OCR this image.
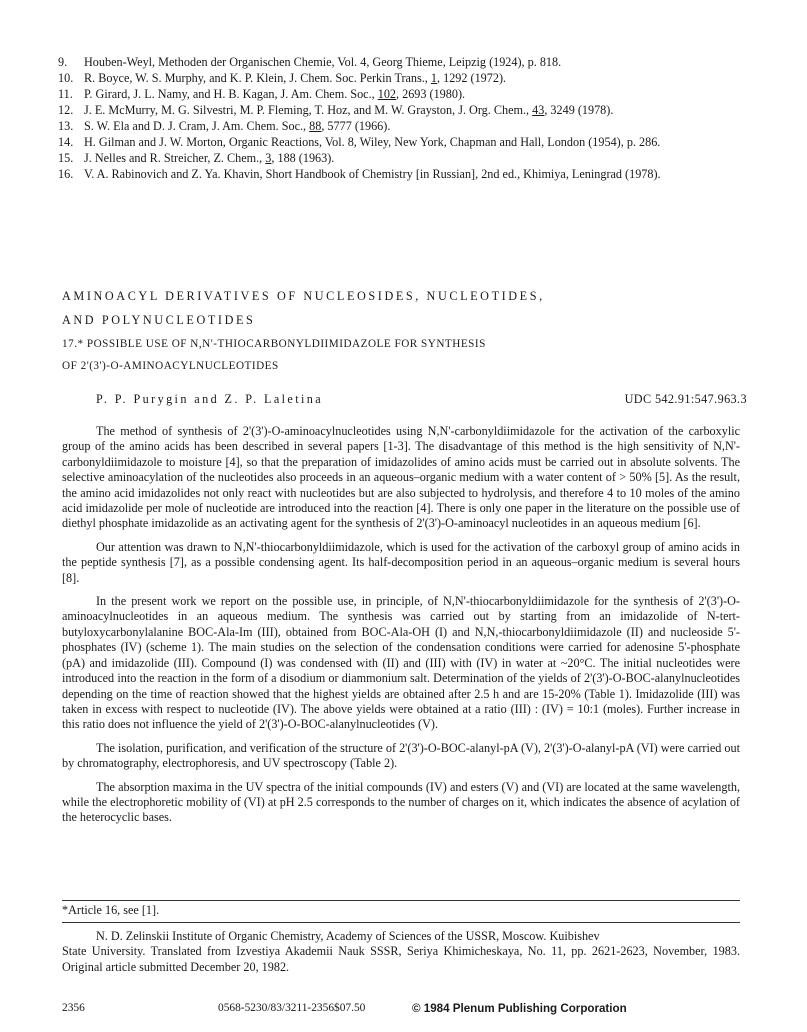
9.	Houben-Weyl, Methoden der Organischen Chemie, Vol. 4, Georg Thieme, Leipzig (1924), p. 818.
10. R. Boyce, W. S. Murphy, and K. P. Klein, J. Chem. Soc. Perkin Trans., 1, 1292 (1972).
11. P. Girard, J. L. Namy, and H. B. Kagan, J. Am. Chem. Soc., 102, 2693 (1980).
12. J. E. McMurry, M. G. Silvestri, M. P. Fleming, T. Hoz, and M. W. Grayston, J. Org. Chem., 43, 3249 (1978).
13. S. W. Ela and D. J. Cram, J. Am. Chem. Soc., 88, 5777 (1966).
14. H. Gilman and J. W. Morton, Organic Reactions, Vol. 8, Wiley, New York, Chapman and Hall, London (1954), p. 286.
15. J. Nelles and R. Streicher, Z. Chem., 3, 188 (1963).
16. V. A. Rabinovich and Z. Ya. Khavin, Short Handbook of Chemistry [in Russian], 2nd ed., Khimiya, Leningrad (1978).
AMINOACYL DERIVATIVES OF NUCLEOSIDES, NUCLEOTIDES,
AND POLYNUCLEOTIDES
17.* POSSIBLE USE OF N,N'-THIOCARBONYLDIIMIDAZOLE FOR SYNTHESIS
OF 2'(3')-O-AMINOACYLNUCLEOTIDES
P. P. Purygin and Z. P. Laletina	UDC 542.91:547.963.3

The method of synthesis of 2'(3')-O-aminoacylnucleotides using N,N'-carbonyldiimidazole for the activation of the carboxylic group of the amino acids has been described in several papers [1-3]. The disadvantage of this method is the high sensitivity of N,N'-carbonyldiimidazole to moisture [4], so that the preparation of imidazolides of amino acids must be carried out in absolute solvents. The selective aminoacylation of the nucleotides also proceeds in an aqueous–organic medium with a water content of > 50% [5]. As the result, the amino acid imidazolides not only react with nucleotides but are also subjected to hydrolysis, and therefore 4 to 10 moles of the amino acid imidazolide per mole of nucleotide are introduced into the reaction [4]. There is only one paper in the literature on the possible use of diethyl phosphate imidazolide as an activating agent for the synthesis of 2'(3')-O-aminoacyl nucleotides in an aqueous medium [6].

Our attention was drawn to N,N'-thiocarbonyldiimidazole, which is used for the activation of the carboxyl group of amino acids in the peptide synthesis [7], as a possible condensing agent. Its half-decomposition period in an aqueous–organic medium is several hours [8].

In the present work we report on the possible use, in principle, of N,N'-thiocarbonyldiimidazole for the synthesis of 2'(3')-O-aminoacylnucleotides in an aqueous medium. The synthesis was carried out by starting from an imidazolide of N-tert-butyloxycarbonylalanine BOC-Ala-Im (III), obtained from BOC-Ala-OH (I) and N,N,-thiocarbonyldiimidazole (II) and nucleoside 5'-phosphates (IV) (scheme 1). The main studies on the selection of the condensation conditions were carried for adenosine 5'-phosphate (pA) and imidazolide (III). Compound (I) was condensed with (II) and (III) with (IV) in water at ~20°C. The initial nucleotides were introduced into the reaction in the form of a disodium or diammonium salt. Determination of the yields of 2'(3')-O-BOC-alanylnucleotides depending on the time of reaction showed that the highest yields are obtained after 2.5 h and are 15-20% (Table 1). Imidazolide (III) was taken in excess with respect to nucleotide (IV). The above yields were obtained at a ratio (III) : (IV) = 10:1 (moles). Further increase in this ratio does not influence the yield of 2'(3')-O-BOC-alanylnucleotides (V).

The isolation, purification, and verification of the structure of 2'(3')-O-BOC-alanyl-pA (V), 2'(3')-O-alanyl-pA (VI) were carried out by chromatography, electrophoresis, and UV spectroscopy (Table 2).

The absorption maxima in the UV spectra of the initial compounds (IV) and esters (V) and (VI) are located at the same wavelength, while the electrophoretic mobility of (VI) at pH 2.5 corresponds to the number of charges on it, which indicates the absence of acylation of the heterocyclic bases.

*Article 16, see [1].
N. D. Zelinskii Institute of Organic Chemistry, Academy of Sciences of the USSR, Moscow. Kuibishev
State University. Translated from Izvestiya Akademii Nauk SSSR, Seriya Khimicheskaya, No. 11, pp. 2621-2623, November, 1983. Original article submitted December 20, 1982.
2356	0568-5230/83/3211-2356$07.50	© 1984 Plenum Publishing Corporation
